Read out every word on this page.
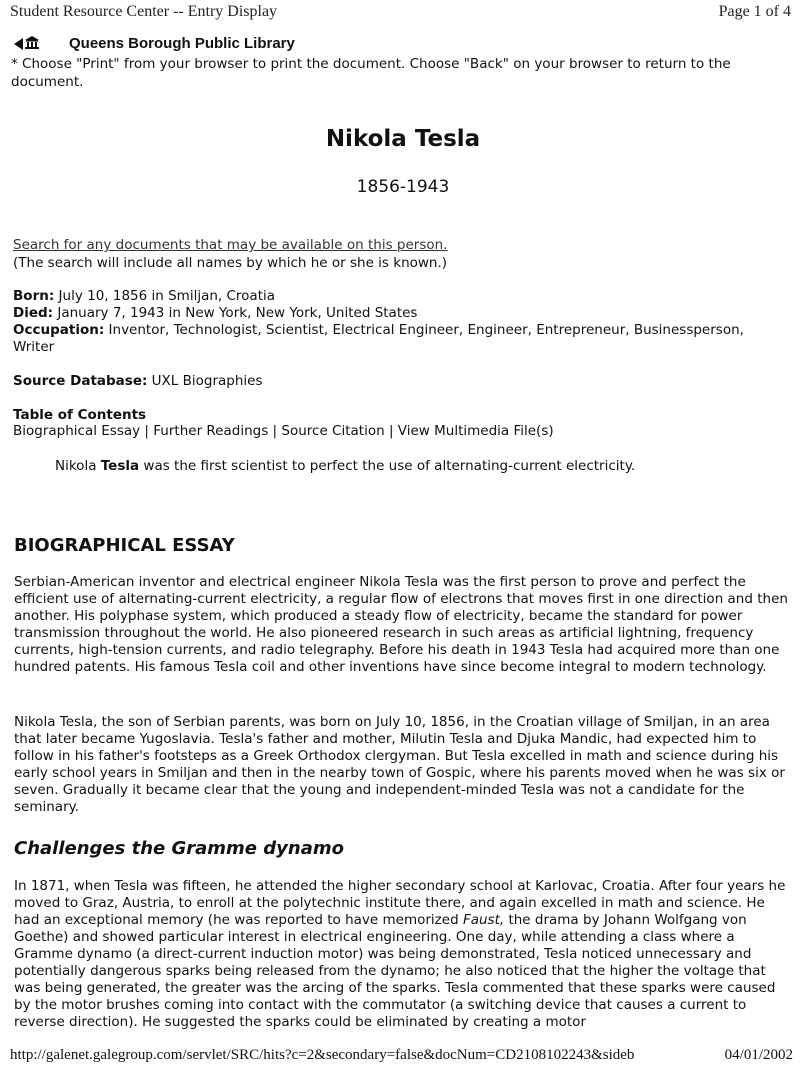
Student Resource Center -- Entry Display	Page 1 of 4
Queens Borough Public Library
* Choose "Print" from your browser to print the document. Choose "Back" on your browser to return to the document.
Nikola Tesla
1856-1943
Search for any documents that may be available on this person.
(The search will include all names by which he or she is known.)
Born: July 10, 1856 in Smiljan, Croatia
Died: January 7, 1943 in New York, New York, United States
Occupation: Inventor, Technologist, Scientist, Electrical Engineer, Engineer, Entrepreneur, Businessperson, Writer
Source Database: UXL Biographies
Table of Contents
Biographical Essay | Further Readings | Source Citation | View Multimedia File(s)
Nikola Tesla was the first scientist to perfect the use of alternating-current electricity.
BIOGRAPHICAL ESSAY

Serbian-American inventor and electrical engineer Nikola Tesla was the first person to prove and perfect the efficient use of alternating-current electricity, a regular flow of electrons that moves first in one direction and then another. His polyphase system, which produced a steady flow of electricity, became the standard for power transmission throughout the world. He also pioneered research in such areas as artificial lightning, frequency currents, high-tension currents, and radio telegraphy. Before his death in 1943 Tesla had acquired more than one hundred patents. His famous Tesla coil and other inventions have since become integral to modern technology.

Nikola Tesla, the son of Serbian parents, was born on July 10, 1856, in the Croatian village of Smiljan, in an area that later became Yugoslavia. Tesla's father and mother, Milutin Tesla and Djuka Mandic, had expected him to follow in his father's footsteps as a Greek Orthodox clergyman. But Tesla excelled in math and science during his early school years in Smiljan and then in the nearby town of Gospic, where his parents moved when he was six or seven. Gradually it became clear that the young and independent-minded Tesla was not a candidate for the seminary.

Challenges the Gramme dynamo

In 1871, when Tesla was fifteen, he attended the higher secondary school at Karlovac, Croatia. After four years he moved to Graz, Austria, to enroll at the polytechnic institute there, and again excelled in math and science. He had an exceptional memory (he was reported to have memorized Faust, the drama by Johann Wolfgang von Goethe) and showed particular interest in electrical engineering. One day, while attending a class where a Gramme dynamo (a direct-current induction motor) was being demonstrated, Tesla noticed unnecessary and potentially dangerous sparks being released from the dynamo; he also noticed that the higher the voltage that was being generated, the greater was the arcing of the sparks. Tesla commented that these sparks were caused by the motor brushes coming into contact with the commutator (a switching device that causes a current to reverse direction). He suggested the sparks could be eliminated by creating a motor

http://galenet.galegroup.com/servlet/SRC/hits?c=2&secondary=false&docNum=CD2108102243&sideb	04/01/2002
